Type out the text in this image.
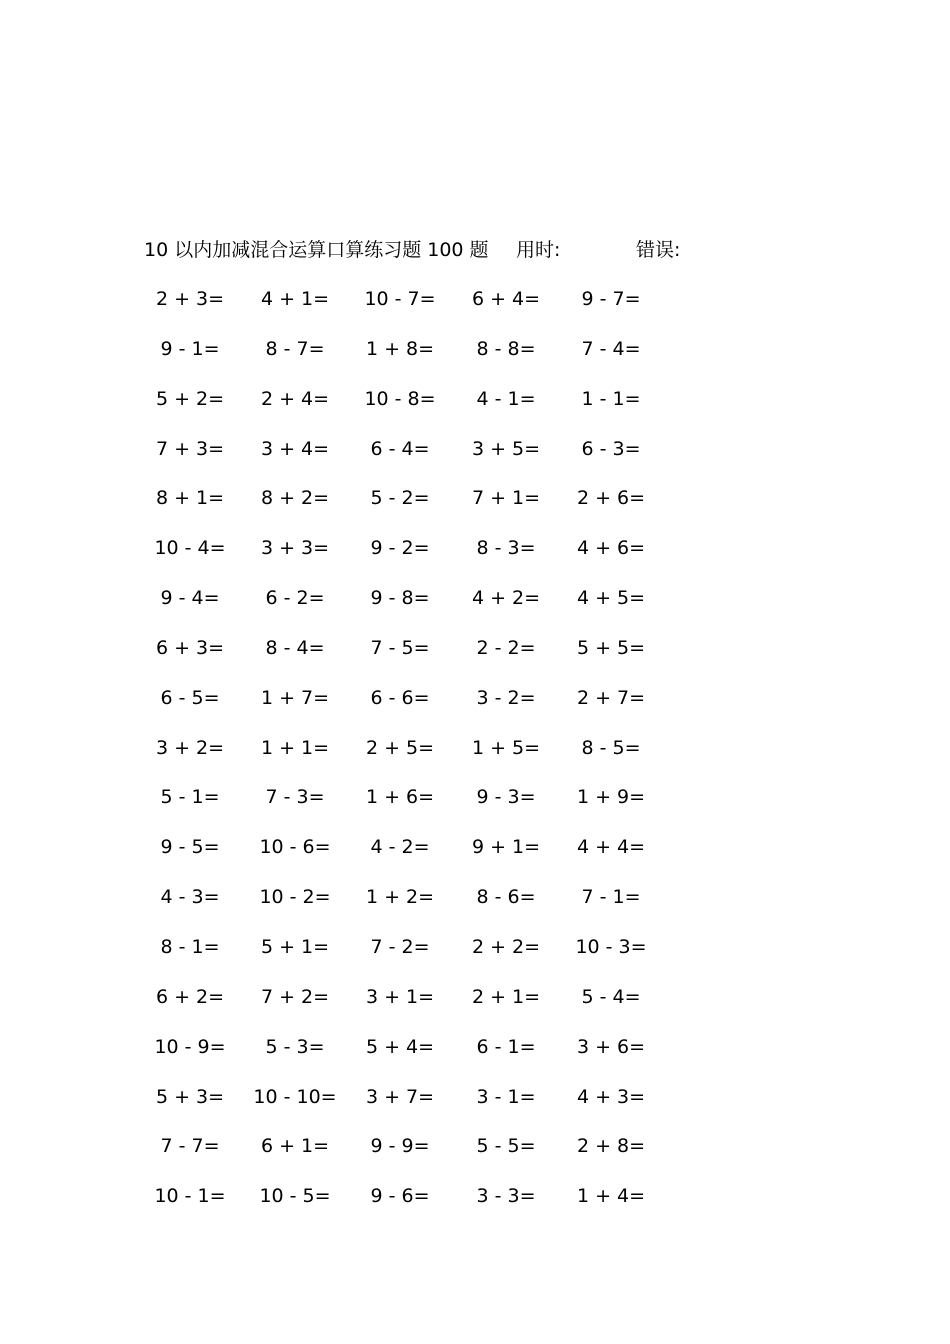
10 以内加减混合运算口算练习题 100 题 用时:	错误:
2 + 3=	4 + 1=	10 - 7=	6 + 4=	9 - 7=
9 - 1=	8 - 7=	1 + 8=	8 - 8=	7 - 4=
5 + 2=	2 + 4=	10 - 8=	4 - 1=	1 - 1=
7 + 3=	3 + 4=	6 - 4=	3 + 5=	6 - 3=
8 + 1=	8 + 2=	5 - 2=	7 + 1=	2 + 6=
10 - 4=	3 + 3=	9 - 2=	8 - 3=	4 + 6=
9 - 4=	6 - 2=	9 - 8=	4 + 2=	4 + 5=
6 + 3=	8 - 4=	7 - 5=	2 - 2=	5 + 5=
6 - 5=	1 + 7=	6 - 6=	3 - 2=	2 + 7=
3 + 2=	1 + 1=	2 + 5=	1 + 5=	8 - 5=
5 - 1=	7 - 3=	1 + 6=	9 - 3=	1 + 9=
9 - 5=	10 - 6=	4 - 2=	9 + 1=	4 + 4=
4 - 3=	10 - 2=	1 + 2=	8 - 6=	7 - 1=
8 - 1=	5 + 1=	7 - 2=	2 + 2=	10 - 3=
6 + 2=	7 + 2=	3 + 1=	2 + 1=	5 - 4=
10 - 9=	5 - 3=	5 + 4=	6 - 1=	3 + 6=
5 + 3=	10 - 10=	3 + 7=	3 - 1=	4 + 3=
7 - 7=	6 + 1=	9 - 9=	5 - 5=	2 + 8=
10 - 1=	10 - 5=	9 - 6=	3 - 3=	1 + 4=
